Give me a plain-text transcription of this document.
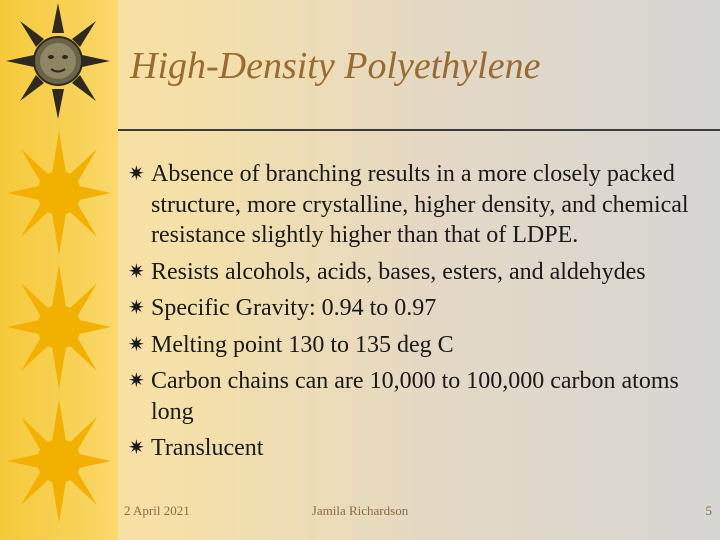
High-Density Polyethylene
✷ Absence of branching results in a more closely packed structure, more crystalline, higher density, and chemical resistance slightly higher than that of LDPE.
✷ Resists alcohols, acids, bases, esters, and aldehydes
✷ Specific Gravity: 0.94 to 0.97
✷ Melting point 130 to 135 deg C
✷ Carbon chains can are 10,000 to 100,000 carbon atoms long
✷ Translucent
2 April 2021	Jamila Richardson	5
